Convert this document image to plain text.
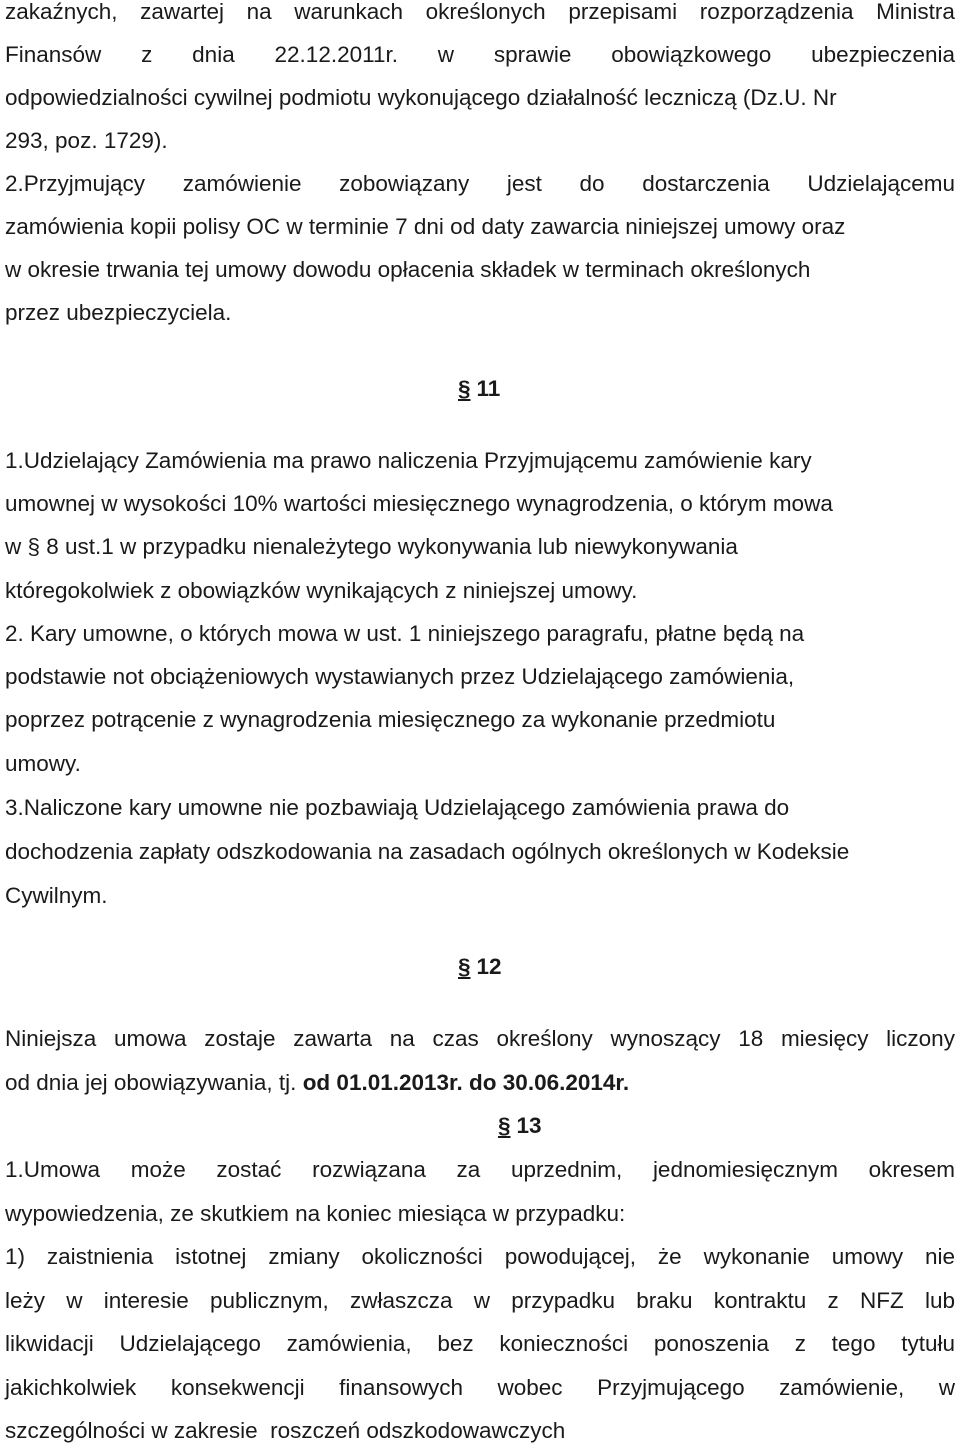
zakaźnych, zawartej na warunkach określonych przepisami rozporządzenia Ministra
Finansów z dnia 22.12.2011r. w sprawie obowiązkowego ubezpieczenia
odpowiedzialności cywilnej podmiotu wykonującego działalność leczniczą (Dz.U. Nr
293, poz. 1729).
2.Przyjmujący zamówienie zobowiązany jest do dostarczenia Udzielającemu
zamówienia kopii polisy OC w terminie 7 dni od daty zawarcia niniejszej umowy oraz
w okresie trwania tej umowy dowodu opłacenia składek w terminach określonych
przez ubezpieczyciela.
§ 11
1.Udzielający Zamówienia ma prawo naliczenia Przyjmującemu zamówienie kary
umownej w wysokości 10% wartości miesięcznego wynagrodzenia, o którym mowa
w § 8 ust.1 w przypadku nienależytego wykonywania lub niewykonywania
któregokolwiek z obowiązków wynikających z niniejszej umowy.
2. Kary umowne, o których mowa w ust. 1 niniejszego paragrafu, płatne będą na
podstawie not obciążeniowych wystawianych przez Udzielającego zamówienia,
poprzez potrącenie z wynagrodzenia miesięcznego za wykonanie przedmiotu
umowy.
3.Naliczone kary umowne nie pozbawiają Udzielającego zamówienia prawa do
dochodzenia zapłaty odszkodowania na zasadach ogólnych określonych w Kodeksie
Cywilnym.
§ 12
Niniejsza umowa zostaje zawarta na czas określony wynoszący 18 miesięcy liczony
od dnia jej obowiązywania, tj. od 01.01.2013r. do 30.06.2014r.
§ 13
1.Umowa może zostać rozwiązana za uprzednim, jednomiesięcznym okresem
wypowiedzenia, ze skutkiem na koniec miesiąca w przypadku:
1) zaistnienia istotnej zmiany okoliczności powodującej, że wykonanie umowy nie
leży w interesie publicznym, zwłaszcza w przypadku braku kontraktu z NFZ lub
likwidacji Udzielającego zamówienia, bez konieczności ponoszenia z tego tytułu
jakichkolwiek konsekwencji finansowych wobec Przyjmującego zamówienie, w
szczególności w zakresie  roszczeń odszkodowawczych
